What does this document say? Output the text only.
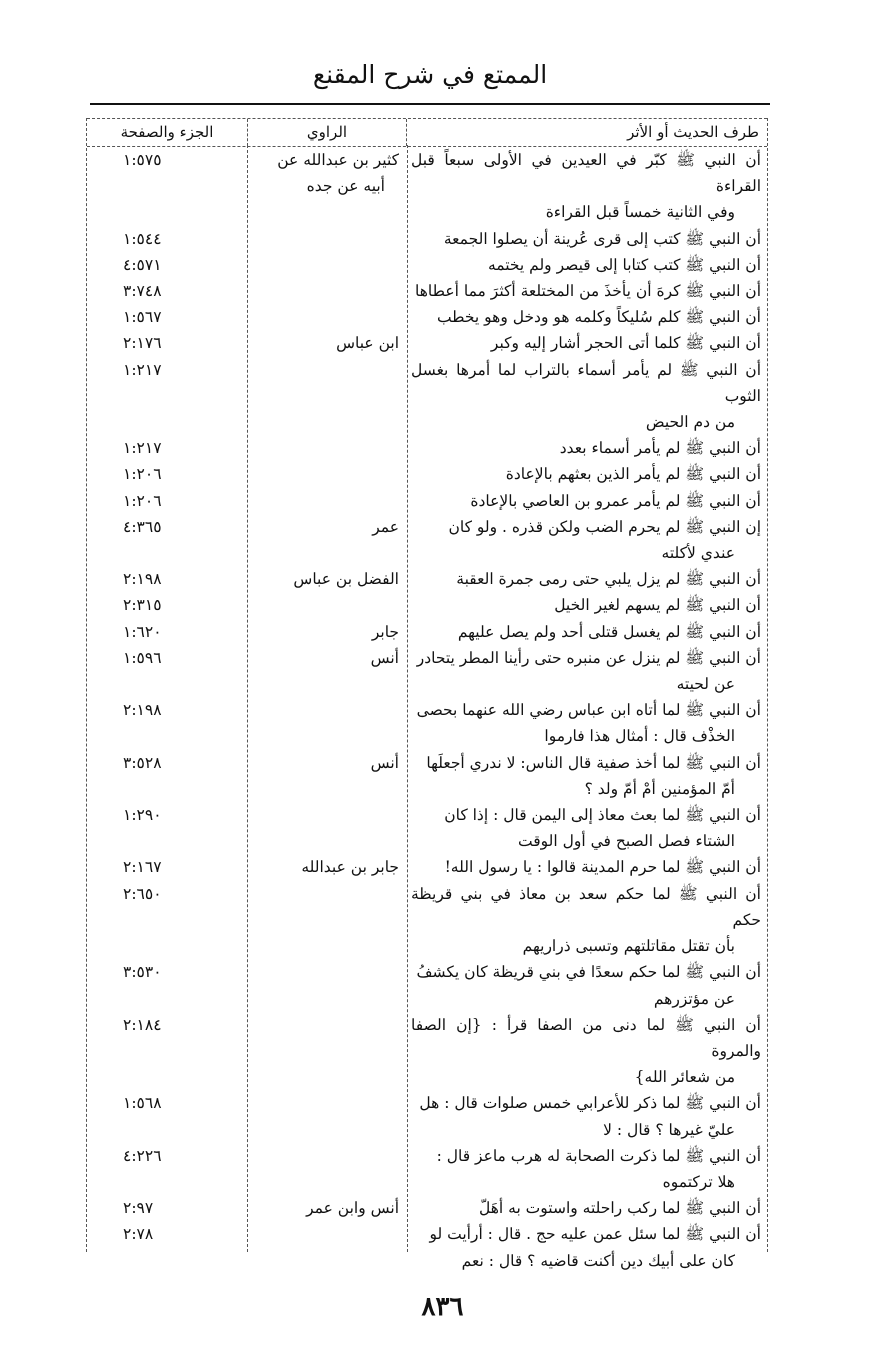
الممتع في شرح المقنع
طرف الحديث أو الأثر
الراوي
الجزء والصفحة
أن النبي ﷺ كبّر في العيدين في الأولى سبعاً قبل القراءة
وفي الثانية خمساً قبل القراءة
كثير بن عبدالله عن
أبيه عن جده
١:٥٧٥
أن النبي ﷺ كتب إلى قرى عُرينة أن يصلوا الجمعة
١:٥٤٤
أن النبي ﷺ كتب كتابا إلى قيصر ولم يختمه
٤:٥٧١
أن النبي ﷺ كرهَ أن يأخذَ من المختلعة أكثرَ مما أعطاها
٣:٧٤٨
أن النبي ﷺ كلم سُليكاً وكلمه هو ودخل وهو يخطب
١:٥٦٧
أن النبي ﷺ كلما أتى الحجر أشار إليه وكبر
ابن عباس
٢:١٧٦
أن النبي ﷺ لم يأمر أسماء بالتراب لما أمرها بغسل الثوب
من دم الحيض
١:٢١٧
أن النبي ﷺ لم يأمر أسماء بعدد
١:٢١٧
أن النبي ﷺ لم يأمر الذين بعثهم بالإعادة
١:٢٠٦
أن النبي ﷺ لم يأمر عمرو بن العاصي بالإعادة
١:٢٠٦
إن النبي ﷺ لم يحرم الضب ولكن قذره . ولو كان
عندي لأكلته
عمر
٤:٣٦٥
أن النبي ﷺ لم يزل يلبي حتى رمى جمرة العقبة
الفضل بن عباس
٢:١٩٨
أن النبي ﷺ لم يسهم لغير الخيل
٢:٣١٥
أن النبي ﷺ لم يغسل قتلى أحد ولم يصل عليهم
جابر
١:٦٢٠
أن النبي ﷺ لم ينزل عن منبره حتى رأينا المطر يتحادر
عن لحيته
أنس
١:٥٩٦
أن النبي ﷺ لما أتاه ابن عباس رضي الله عنهما بحصى
الخذْف قال : أمثال هذا فارموا
٢:١٩٨
أن النبي ﷺ لما أخذ صفية قال الناس: لا ندري أجعلَها
أمّ المؤمنين أمْ أمّ ولد ؟
أنس
٣:٥٢٨
أن النبي ﷺ لما بعث معاذ إلى اليمن قال : إذا كان
الشتاء فصل الصبح في أول الوقت
١:٢٩٠
أن النبي ﷺ لما حرم المدينة قالوا : يا رسول الله!
جابر بن عبدالله
٢:١٦٧
أن النبي ﷺ لما حكم سعد بن معاذ في بني قريظة حكم
بأن تقتل مقاتلتهم وتسبى ذراريهم
٢:٦٥٠
أن النبي ﷺ لما حكم سعدًا في بني قريظة كان يكشفُ
عن مؤتزرهم
٣:٥٣٠
أن النبي ﷺ لما دنى من الصفا قرأ : {إن الصفا والمروة
من شعائر الله}
٢:١٨٤
أن النبي ﷺ لما ذكر للأعرابي خمس صلوات قال : هل
عليّ غيرها ؟ قال : لا
١:٥٦٨
أن النبي ﷺ لما ذكرت الصحابة له هرب ماعز قال :
هلا تركتموه
٤:٢٢٦
أن النبي ﷺ لما ركب راحلته واستوت به أهَلّ
أنس وابن عمر
٢:٩٧
أن النبي ﷺ لما سئل عمن عليه حج . قال : أرأيت لو
كان على أبيك دين أكنت قاضيه ؟ قال : نعم
٢:٧٨
٨٣٦
